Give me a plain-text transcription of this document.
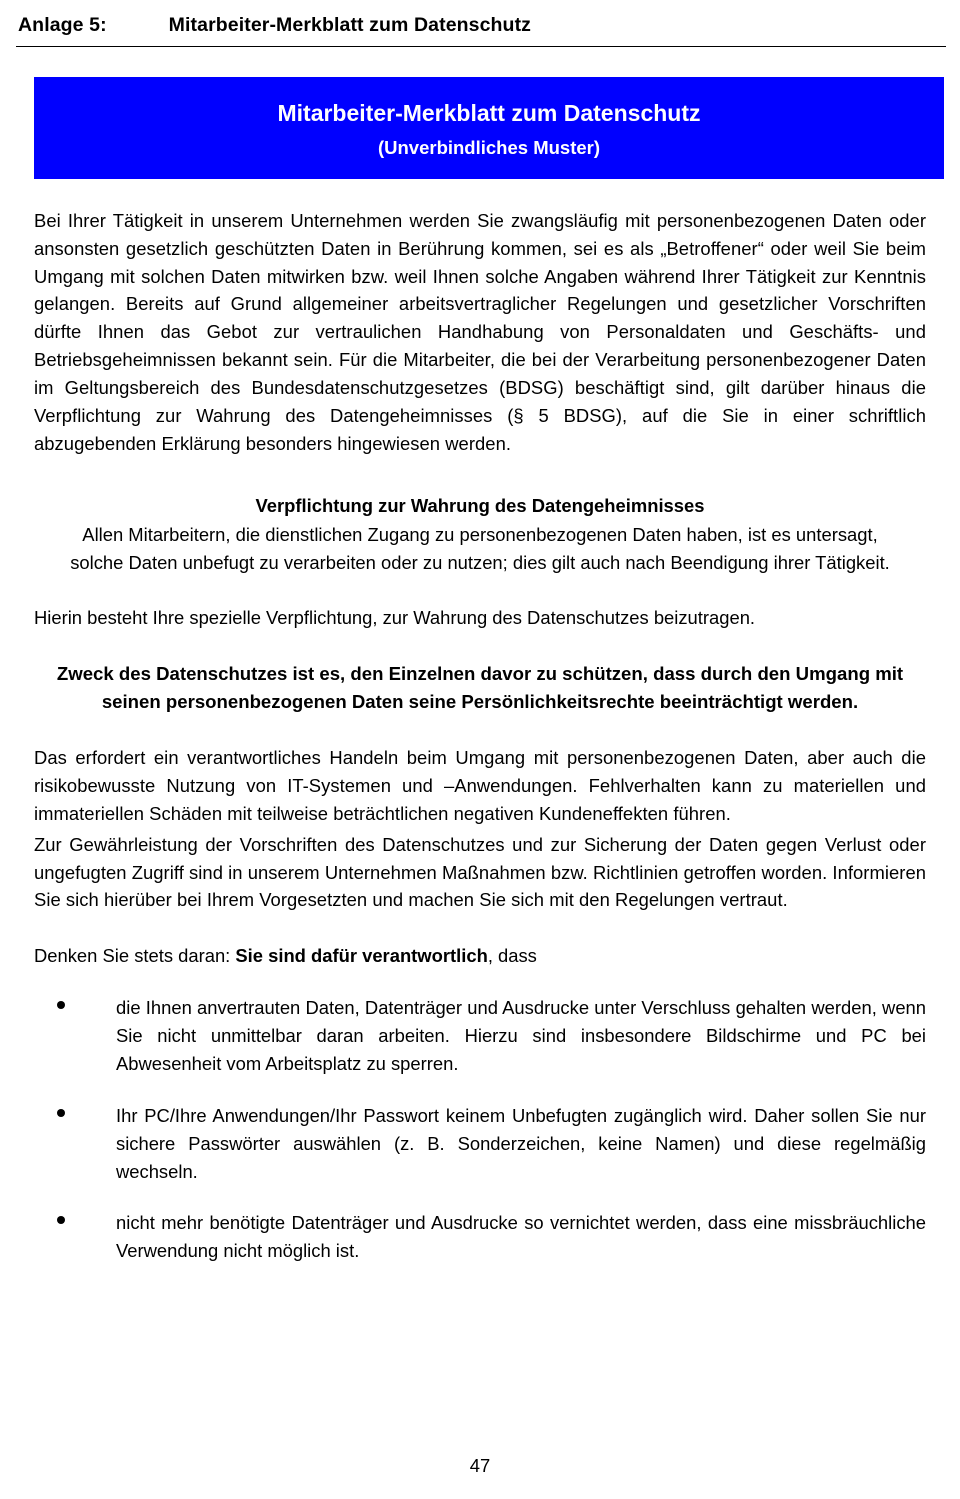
Anlage 5:	Mitarbeiter-Merkblatt zum Datenschutz
Mitarbeiter-Merkblatt zum Datenschutz
(Unverbindliches Muster)

Bei Ihrer Tätigkeit in unserem Unternehmen werden Sie zwangsläufig mit personenbezogenen Daten oder ansonsten gesetzlich geschützten Daten in Berührung kommen, sei es als „Betroffener“ oder weil Sie beim Umgang mit solchen Daten mitwirken bzw. weil Ihnen solche Angaben während Ihrer Tätigkeit zur Kenntnis gelangen. Bereits auf Grund allgemeiner arbeitsvertraglicher Regelungen und gesetzlicher Vorschriften dürfte Ihnen das Gebot zur vertraulichen Handhabung von Personaldaten und Geschäfts- und Betriebsgeheimnissen bekannt sein. Für die Mitarbeiter, die bei der Verarbeitung personenbezogener Daten im Geltungsbereich des Bundesdatenschutzgesetzes (BDSG) beschäftigt sind, gilt darüber hinaus die Verpflichtung zur Wahrung des Datengeheimnisses (§ 5 BDSG), auf die Sie in einer schriftlich abzugebenden Erklärung besonders hingewiesen werden.

Verpflichtung zur Wahrung des Datengeheimnisses
Allen Mitarbeitern, die dienstlichen Zugang zu personenbezogenen Daten haben, ist es untersagt, solche Daten unbefugt zu verarbeiten oder zu nutzen; dies gilt auch nach Beendigung ihrer Tätigkeit.

Hierin besteht Ihre spezielle Verpflichtung, zur Wahrung des Datenschutzes beizutragen.

Zweck des Datenschutzes ist es, den Einzelnen davor zu schützen, dass durch den Umgang mit seinen personenbezogenen Daten seine Persönlichkeitsrechte beeinträchtigt werden.

Das erfordert ein verantwortliches Handeln beim Umgang mit personenbezogenen Daten, aber auch die risikobewusste Nutzung von IT-Systemen und –Anwendungen. Fehlverhalten kann zu materiellen und immateriellen Schäden mit teilweise beträchtlichen negativen Kundeneffekten führen.

Zur Gewährleistung der Vorschriften des Datenschutzes und zur Sicherung der Daten gegen Verlust oder ungefugten Zugriff sind in unserem Unternehmen Maßnahmen bzw. Richtlinien getroffen worden. Informieren Sie sich hierüber bei Ihrem Vorgesetzten und machen Sie sich mit den Regelungen vertraut.

Denken Sie stets daran: Sie sind dafür verantwortlich, dass

die Ihnen anvertrauten Daten, Datenträger und Ausdrucke unter Verschluss gehalten werden, wenn Sie nicht unmittelbar daran arbeiten. Hierzu sind insbesondere Bildschirme und PC bei Abwesenheit vom Arbeitsplatz zu sperren.
Ihr PC/Ihre Anwendungen/Ihr Passwort keinem Unbefugten zugänglich wird. Daher sollen Sie nur sichere Passwörter auswählen (z. B. Sonderzeichen, keine Namen) und diese regelmäßig wechseln.
nicht mehr benötigte Datenträger und Ausdrucke so vernichtet werden, dass eine missbräuchliche Verwendung nicht möglich ist.
47
